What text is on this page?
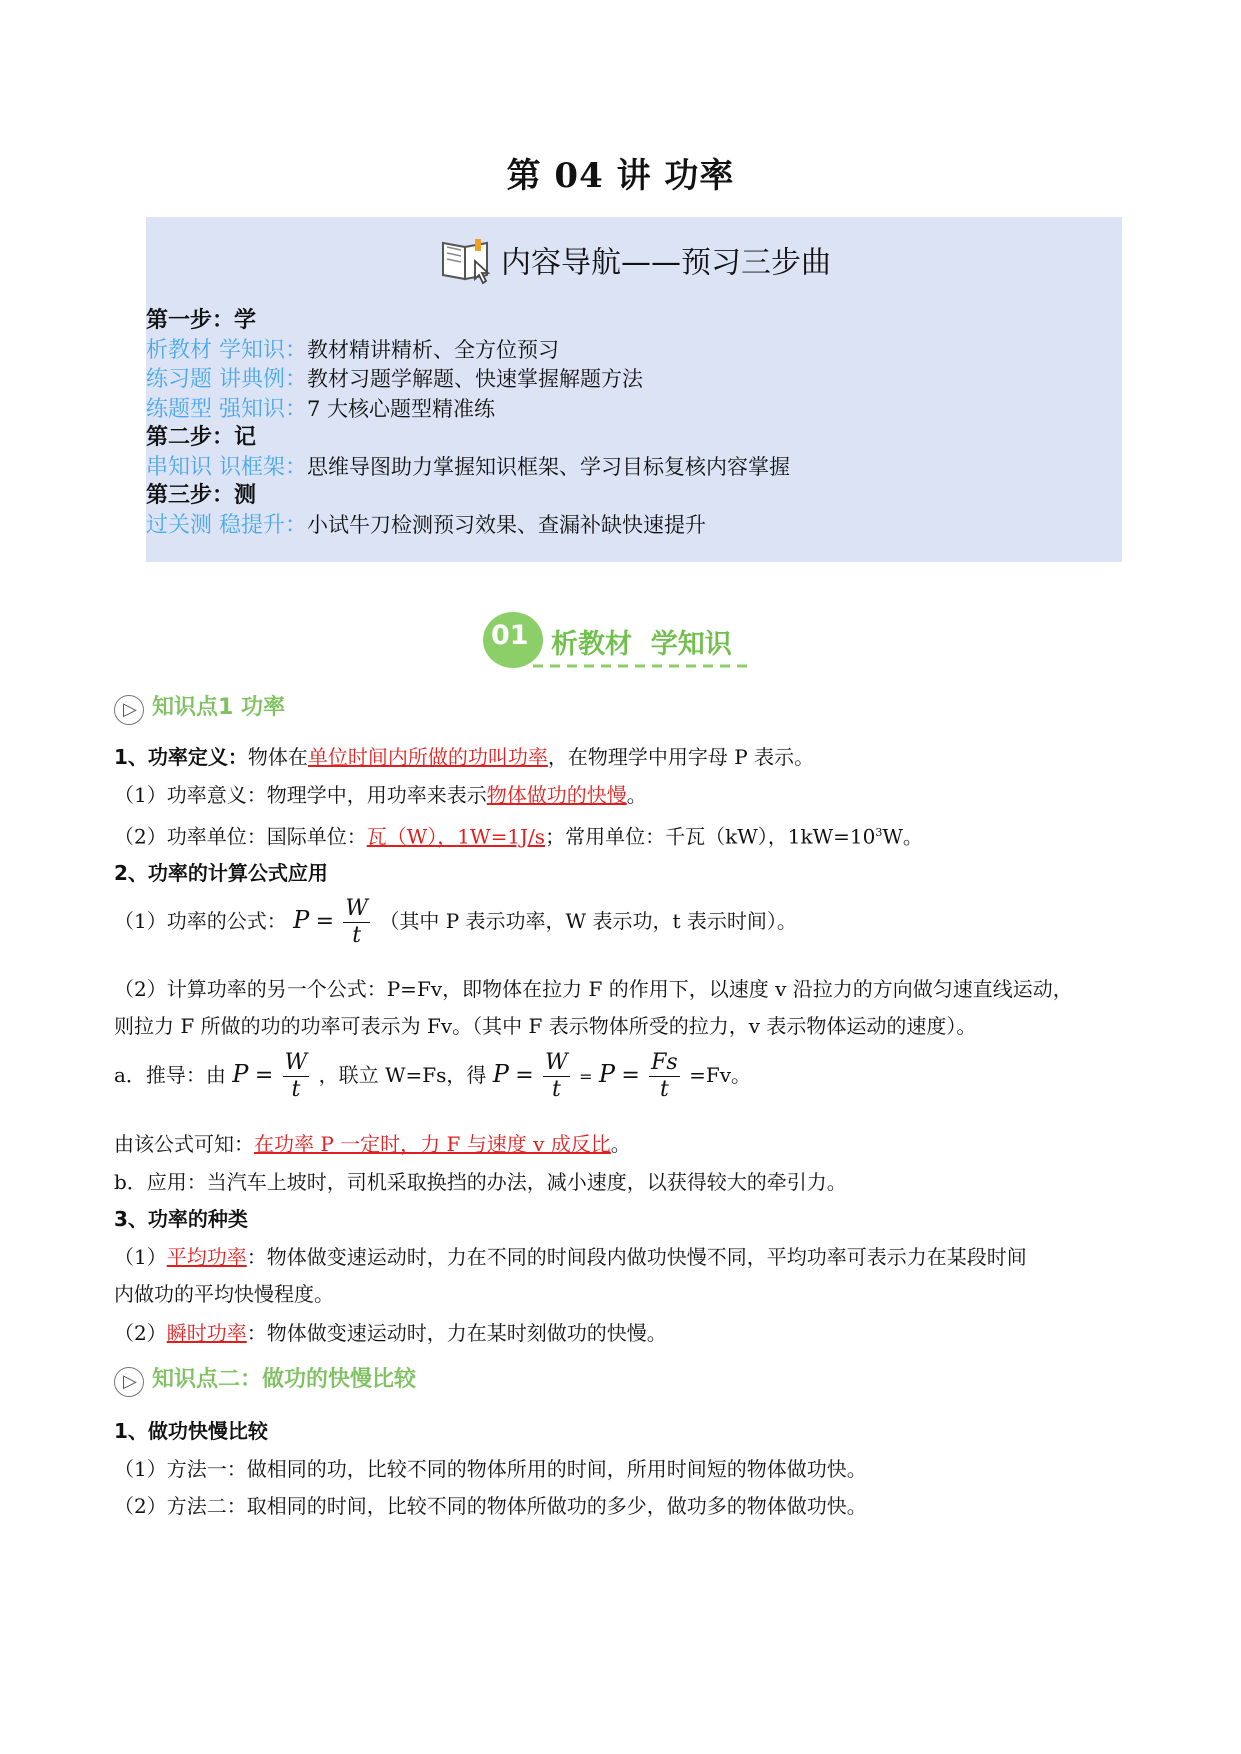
第 04 讲 功率
内容导航——预习三步曲
第一步：学
析教材 学知识：教材精讲精析、全方位预习
练习题 讲典例：教材习题学解题、快速掌握解题方法
练题型 强知识：7 大核心题型精准练
第二步：记
串知识 识框架：思维导图助力掌握知识框架、学习目标复核内容掌握
第三步：测
过关测 稳提升：小试牛刀检测预习效果、查漏补缺快速提升
01 析教材  学知识
▷ 知识点1 功率
1、功率定义：物体在单位时间内所做的功叫功率，在物理学中用字母 P 表示。
（1）功率意义：物理学中，用功率来表示物体做功的快慢。
（2）功率单位：国际单位：瓦（W），1W=1J/s；常用单位：千瓦（kW），$1kW=10^3W$。
2、功率的计算公式应用
（1）功率的公式： $P = \frac{W}{t}$ （其中 P 表示功率，W 表示功，t 表示时间）。
（2）计算功率的另一个公式：P=Fv，即物体在拉力 F 的作用下，以速度 v 沿拉力的方向做匀速直线运动，
则拉力 F 所做的功的功率可表示为 Fv。（其中 F 表示物体所受的拉力，v 表示物体运动的速度）。
a．推导：由 $P = \frac{W}{t}$ ，联立 W=Fs，得 $P = \frac{W}{t} = P = \frac{Fs}{t} =Fv$。
由该公式可知：在功率 P 一定时，力 F 与速度 v 成反比。
b．应用：当汽车上坡时，司机采取换挡的办法，减小速度，以获得较大的牵引力。
3、功率的种类
（1）平均功率：物体做变速运动时，力在不同的时间段内做功快慢不同，平均功率可表示力在某段时间
内做功的平均快慢程度。
（2）瞬时功率：物体做变速运动时，力在某时刻做功的快慢。
▷ 知识点二：做功的快慢比较
1、做功快慢比较
（1）方法一：做相同的功，比较不同的物体所用的时间，所用时间短的物体做功快。
（2）方法二：取相同的时间，比较不同的物体所做功的多少，做功多的物体做功快。
